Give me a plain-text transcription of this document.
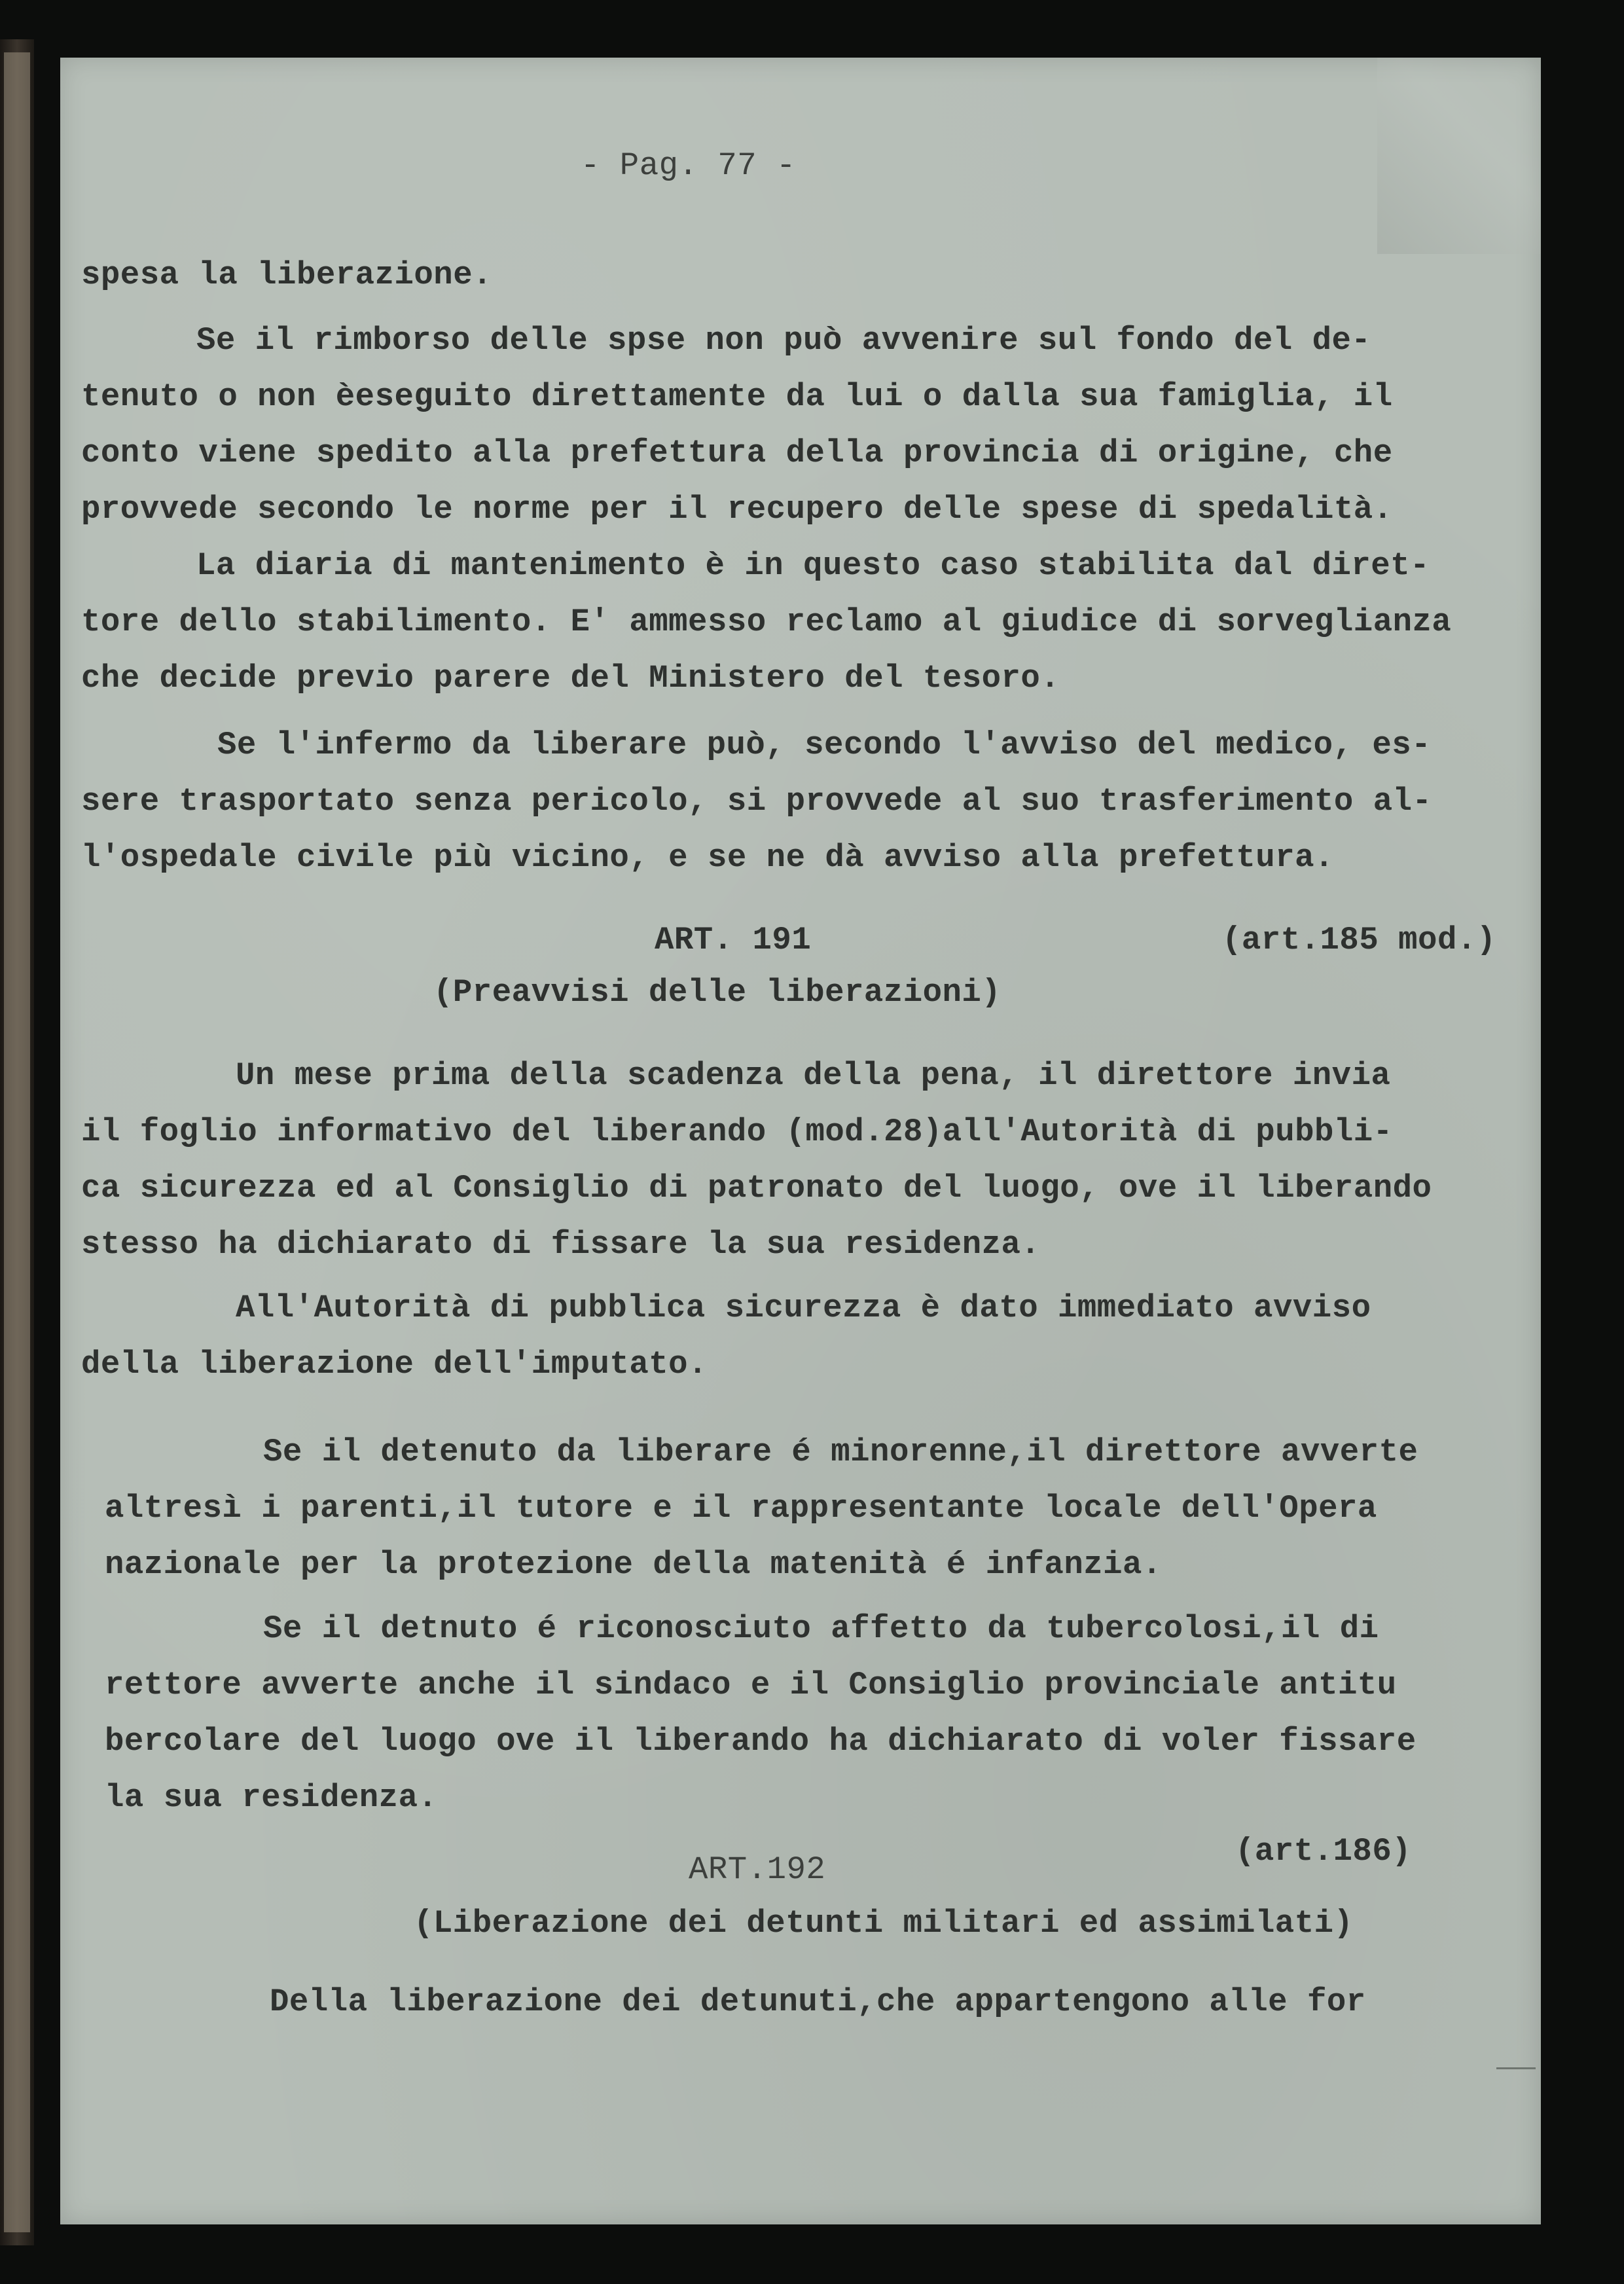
- Pag. 77 -
spesa la liberazione.
Se il rimborso delle spse non può avvenire sul fondo del de-
tenuto o non èeseguito direttamente da lui o dalla sua famiglia, il
conto viene spedito alla prefettura della provincia di origine, che
provvede secondo le norme per il recupero delle spese di spedalità.
La diaria di mantenimento è in questo caso stabilita dal diret-
tore dello stabilimento. E' ammesso reclamo al giudice di sorveglianza
che decide previo parere del Ministero del tesoro.
Se l'infermo da liberare può, secondo l'avviso del medico, es-
sere trasportato senza pericolo, si provvede al suo trasferimento al-
l'ospedale civile più vicino, e se ne dà avviso alla prefettura.
ART. 191	(art.185 mod.)
(Preavvisi delle liberazioni)
Un mese prima della scadenza della pena, il direttore invia
il foglio informativo del liberando (mod.28)all'Autorità di pubbli-
ca sicurezza ed al Consiglio di patronato del luogo, ove il liberando
stesso ha dichiarato di fissare la sua residenza.
All'Autorità di pubblica sicurezza è dato immediato avviso
della liberazione dell'imputato.
Se il detenuto da liberare é minorenne,il direttore avverte
altresì i parenti,il tutore e il rappresentante locale dell'Opera
nazionale per la protezione della matenità é infanzia.
Se il detnuto é riconosciuto affetto da tubercolosi,il di
rettore avverte anche il sindaco e il Consiglio provinciale antitu
bercolare del luogo ove il liberando ha dichiarato di voler fissare
la sua residenza.
ART.192	(art.186)
(Liberazione dei detunti militari ed assimilati)
Della liberazione dei detunuti,che appartengono alle for
